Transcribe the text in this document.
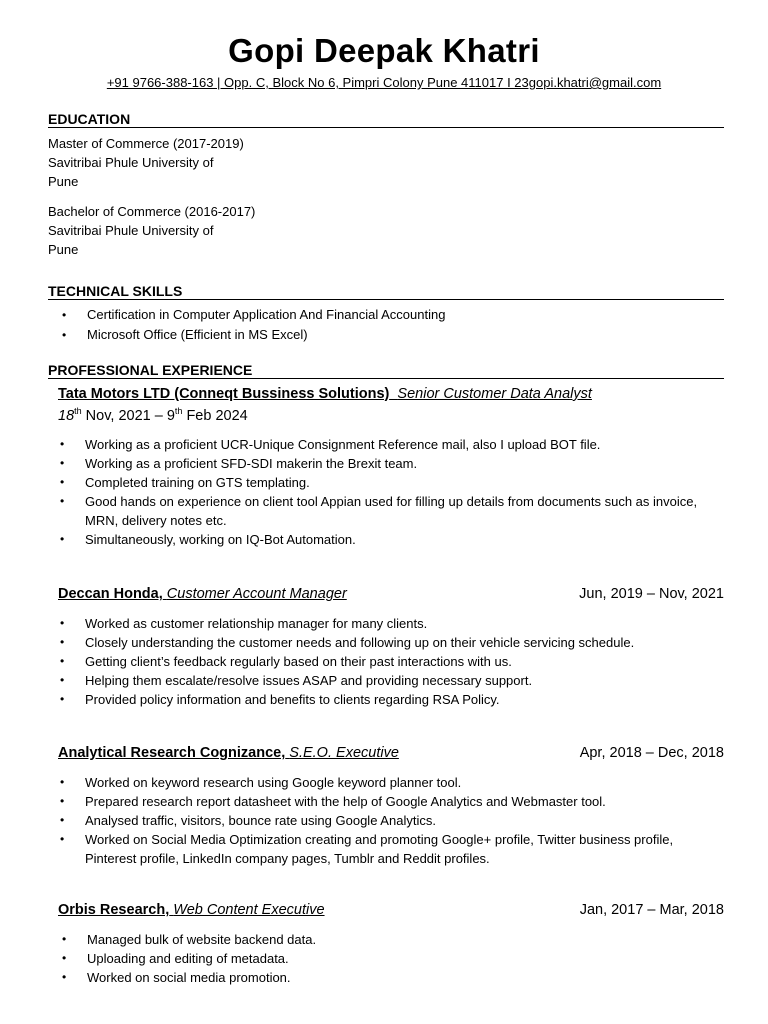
Gopi Deepak Khatri
+91 9766-388-163 | Opp. C, Block No 6, Pimpri Colony Pune 411017 I 23gopi.khatri@gmail.com
EDUCATION
Master of Commerce (2017-2019)
Savitribai Phule University of
Pune
Bachelor of Commerce (2016-2017)
Savitribai Phule University of
Pune
TECHNICAL SKILLS
• Certification in Computer Application And Financial Accounting
• Microsoft Office (Efficient in MS Excel)
PROFESSIONAL EXPERIENCE
Tata Motors LTD (Conneqt Bussiness Solutions) Senior Customer Data Analyst
18th Nov, 2021 – 9th Feb 2024
• Working as a proficient UCR-Unique Consignment Reference mail, also I upload BOT file.
• Working as a proficient SFD-SDI makerin the Brexit team.
• Completed training on GTS templating.
• Good hands on experience on client tool Appian used for filling up details from documents such as invoice, MRN, delivery notes etc.
• Simultaneously, working on IQ-Bot Automation.
Deccan Honda, Customer Account Manager	Jun, 2019 – Nov, 2021
• Worked as customer relationship manager for many clients.
• Closely understanding the customer needs and following up on their vehicle servicing schedule.
• Getting client’s feedback regularly based on their past interactions with us.
• Helping them escalate/resolve issues ASAP and providing necessary support.
• Provided policy information and benefits to clients regarding RSA Policy.
Analytical Research Cognizance, S.E.O. Executive	Apr, 2018 – Dec, 2018
• Worked on keyword research using Google keyword planner tool.
• Prepared research report datasheet with the help of Google Analytics and Webmaster tool.
• Analysed traffic, visitors, bounce rate using Google Analytics.
• Worked on Social Media Optimization creating and promoting Google+ profile, Twitter business profile, Pinterest profile, LinkedIn company pages, Tumblr and Reddit profiles.
Orbis Research, Web Content Executive	Jan, 2017 – Mar, 2018
• Managed bulk of website backend data.
• Uploading and editing of metadata.
• Worked on social media promotion.
